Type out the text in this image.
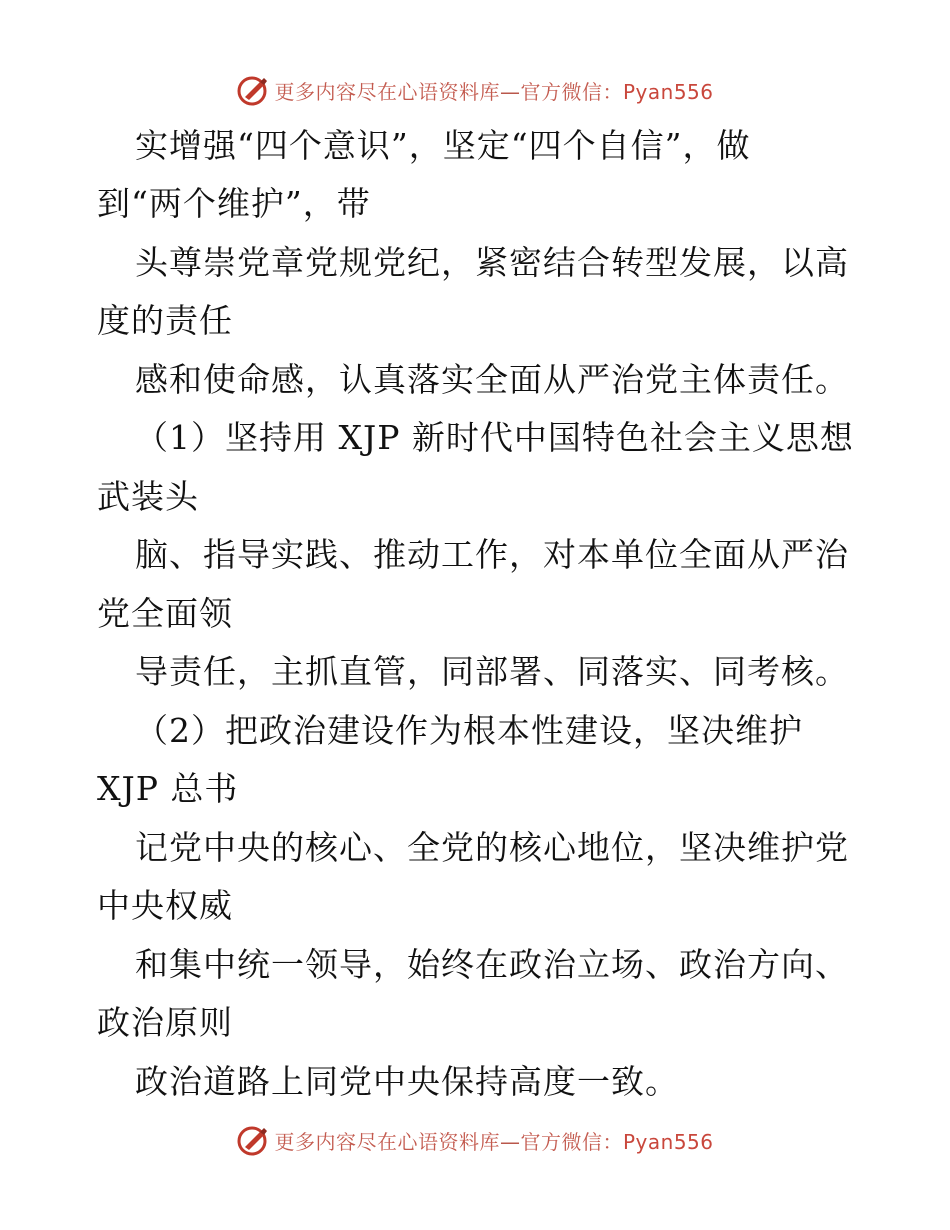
更多内容尽在心语资料库—官方微信：Pyan556
实增强“四个意识”，坚定“四个自信”，做
到“两个维护”，带
头尊崇党章党规党纪，紧密结合转型发展，以高
度的责任
感和使命感，认真落实全面从严治党主体责任。
（1）坚持用 XJP 新时代中国特色社会主义思想
武装头
脑、指导实践、推动工作，对本单位全面从严治
党全面领
导责任，主抓直管，同部署、同落实、同考核。
（2）把政治建设作为根本性建设，坚决维护
XJP 总书
记党中央的核心、全党的核心地位，坚决维护党
中央权威
和集中统一领导，始终在政治立场、政治方向、
政治原则
政治道路上同党中央保持高度一致。
更多内容尽在心语资料库—官方微信：Pyan556
